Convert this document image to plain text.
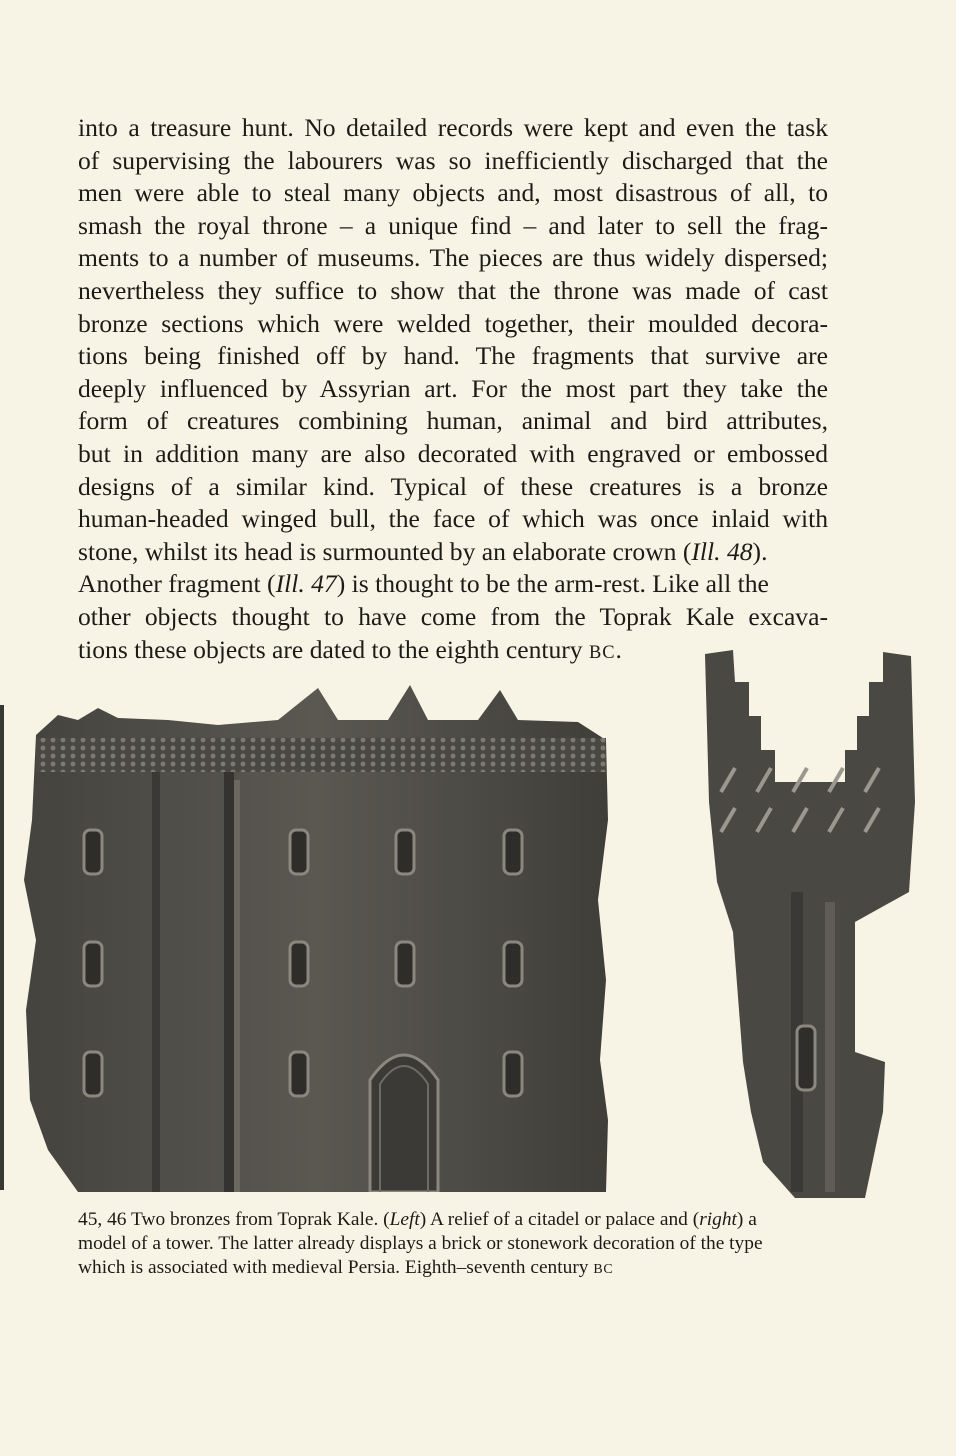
into a treasure hunt. No detailed records were kept and even the task
of supervising the labourers was so inefficiently discharged that the
men were able to steal many objects and, most disastrous of all, to
smash the royal throne – a unique find – and later to sell the frag-
ments to a number of museums. The pieces are thus widely dispersed;
nevertheless they suffice to show that the throne was made of cast
bronze sections which were welded together, their moulded decora-
tions being finished off by hand. The fragments that survive are
deeply influenced by Assyrian art. For the most part they take the
form of creatures combining human, animal and bird attributes,
but in addition many are also decorated with engraved or embossed
designs of a similar kind. Typical of these creatures is a bronze
human-headed winged bull, the face of which was once inlaid with
stone, whilst its head is surmounted by an elaborate crown (Ill. 48).
Another fragment (Ill. 47) is thought to be the arm-rest. Like all the
other objects thought to have come from the Toprak Kale excava-
tions these objects are dated to the eighth century BC.
45, 46 Two bronzes from Toprak Kale. (Left) A relief of a citadel or palace and (right) a
model of a tower. The latter already displays a brick or stonework decoration of the type
which is associated with medieval Persia. Eighth–seventh century BC
